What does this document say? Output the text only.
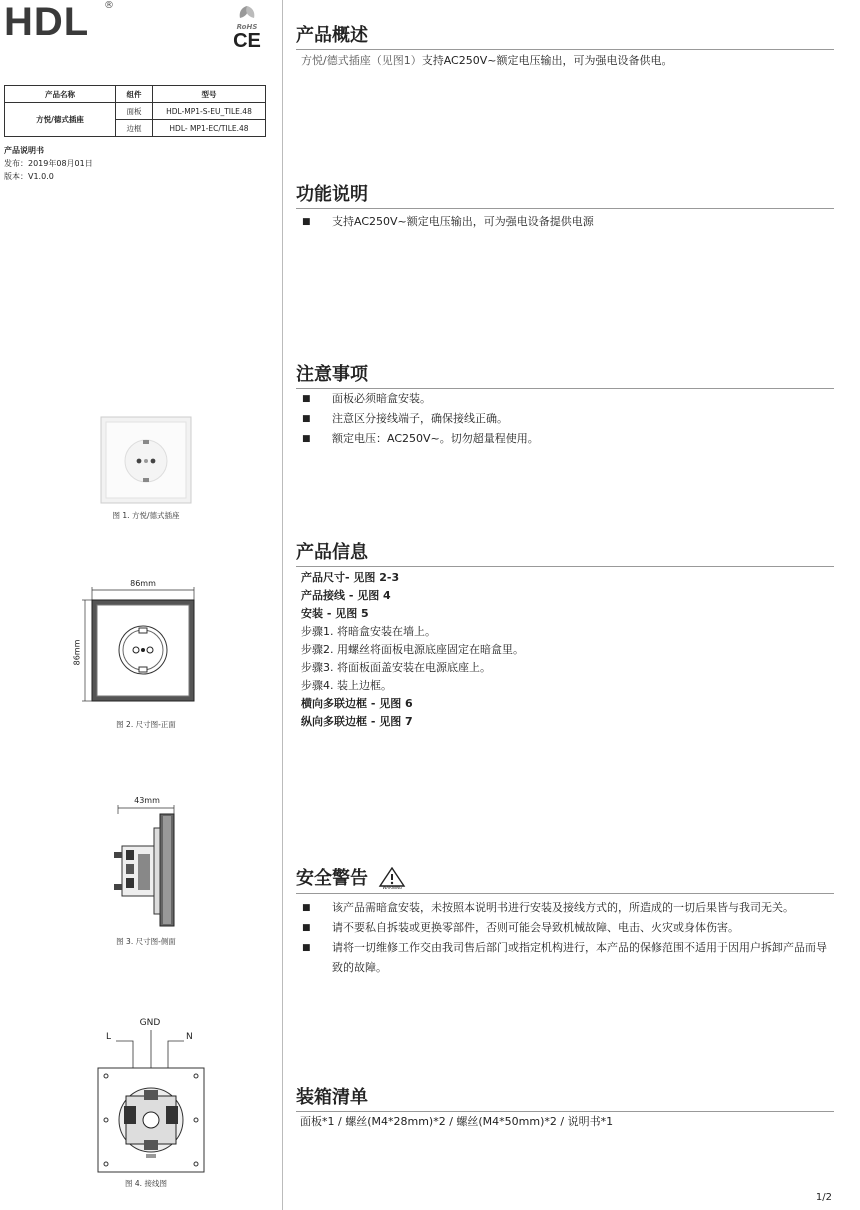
HDL ®
RoHS
CE
产品名称	组件	型号
方悦/德式插座	面板	HDL-MP1-S-EU_TILE.48
	边框	HDL- MP1-EC/TILE.48
产品说明书
发布：2019年08月01日
版本：V1.0.0
图 1. 方悦/德式插座
86mm
86mm
图 2. 尺寸图-正面
43mm
图 3. 尺寸图-侧面
GND
L	N
图 4. 接线图
产品概述
方悦/德式插座（见图1）支持AC250V~额定电压输出，可为强电设备供电。
功能说明
■	支持AC250V~额定电压输出，可为强电设备提供电源
注意事项
■	面板必须暗盒安装。
■	注意区分接线端子，确保接线正确。
■	额定电压：AC250V~。切勿超量程使用。
产品信息
产品尺寸- 见图 2-3
产品接线 - 见图 4
安装 - 见图 5
步骤1. 将暗盒安装在墙上。
步骤2. 用螺丝将面板电源底座固定在暗盒里。
步骤3. 将面板面盖安装在电源底座上。
步骤4. 装上边框。
横向多联边框 - 见图 6
纵向多联边框 - 见图 7
安全警告	WARNING
■	该产品需暗盒安装，未按照本说明书进行安装及接线方式的，所造成的一切后果皆与我司无关。
■	请不要私自拆装或更换零部件，否则可能会导致机械故障、电击、火灾或身体伤害。
■	请将一切维修工作交由我司售后部门或指定机构进行，本产品的保修范围不适用于因用户拆卸产品而导致的故障。
装箱清单
面板*1 / 螺丝(M4*28mm)*2 / 螺丝(M4*50mm)*2 / 说明书*1
1/2
